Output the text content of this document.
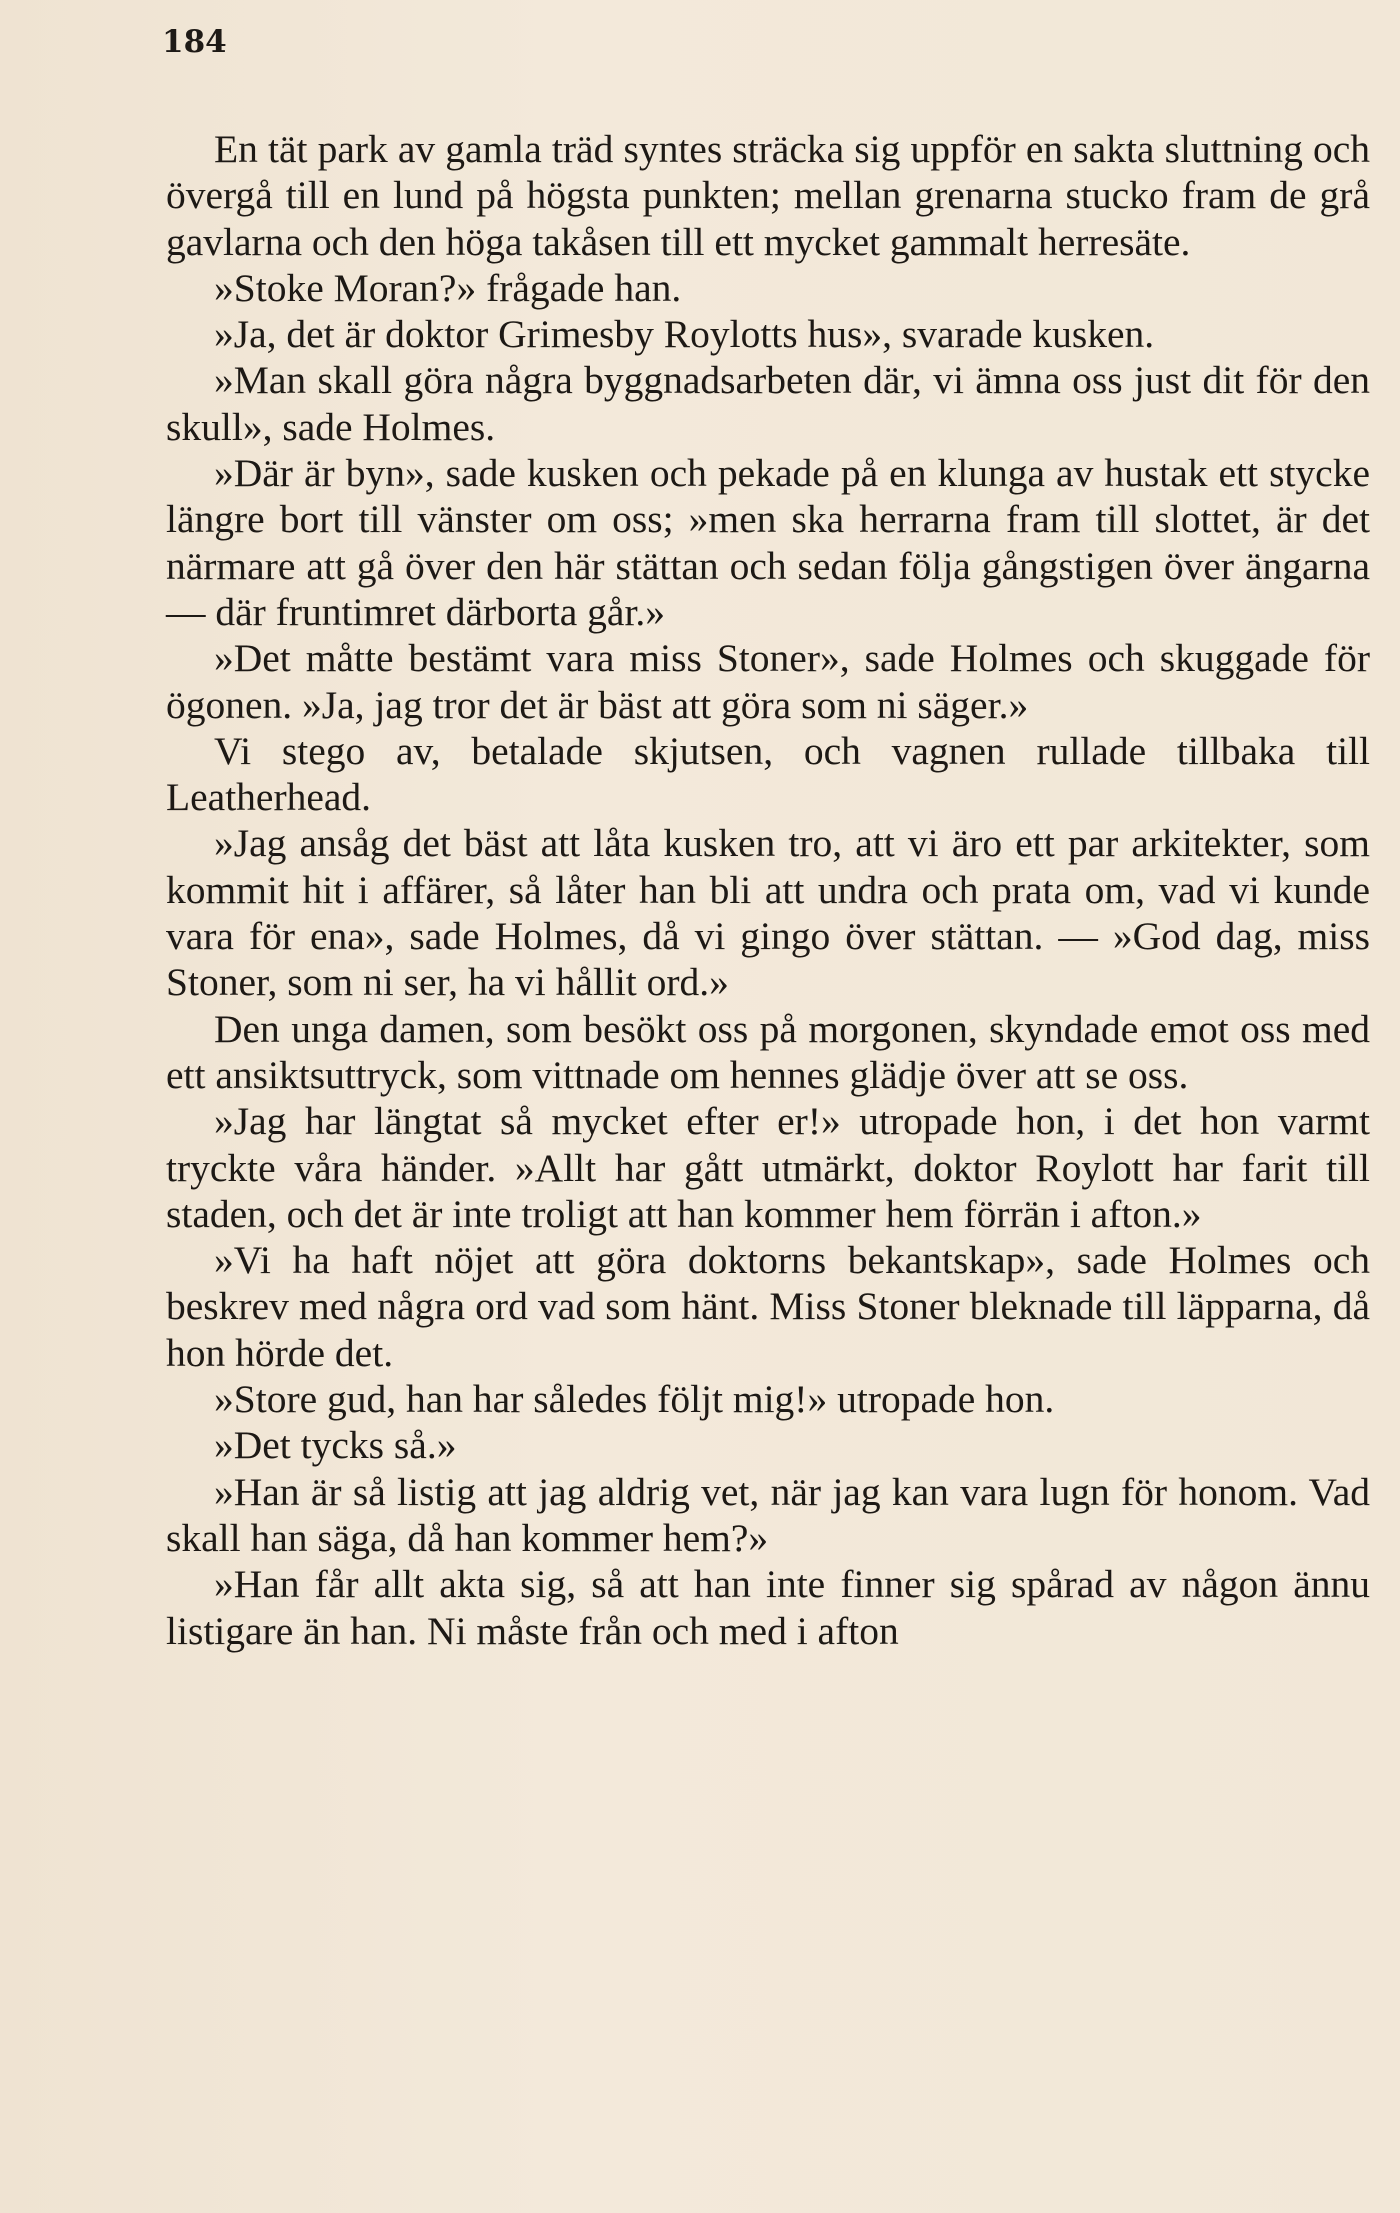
184

En tät park av gamla träd syntes sträcka sig uppför en sakta sluttning och övergå till en lund på högsta punkten; mellan grenarna stucko fram de grå gavlarna och den höga takåsen till ett mycket gammalt herresäte.

»Stoke Moran?» frågade han.

»Ja, det är doktor Grimesby Roylotts hus», svarade kusken.

»Man skall göra några byggnadsarbeten där, vi ämna oss just dit för den skull», sade Holmes.

»Där är byn», sade kusken och pekade på en klunga av hustak ett stycke längre bort till vänster om oss; »men ska herrarna fram till slottet, är det närmare att gå över den här stättan och sedan följa gångstigen över ängarna — där fruntimret därborta går.»

»Det måtte bestämt vara miss Stoner», sade Holmes och skuggade för ögonen. »Ja, jag tror det är bäst att göra som ni säger.»

Vi stego av, betalade skjutsen, och vagnen rullade tillbaka till Leatherhead.

»Jag ansåg det bäst att låta kusken tro, att vi äro ett par arkitekter, som kommit hit i affärer, så låter han bli att undra och prata om, vad vi kunde vara för ena», sade Holmes, då vi gingo över stättan. — »God dag, miss Stoner, som ni ser, ha vi hållit ord.»

Den unga damen, som besökt oss på morgonen, skyndade emot oss med ett ansiktsuttryck, som vittnade om hennes glädje över att se oss.

»Jag har längtat så mycket efter er!» utropade hon, i det hon varmt tryckte våra händer. »Allt har gått utmärkt, doktor Roylott har farit till staden, och det är inte troligt att han kommer hem förrän i afton.»

»Vi ha haft nöjet att göra doktorns bekantskap», sade Holmes och beskrev med några ord vad som hänt. Miss Stoner bleknade till läpparna, då hon hörde det.

»Store gud, han har således följt mig!» utropade hon.

»Det tycks så.»

»Han är så listig att jag aldrig vet, när jag kan vara lugn för honom. Vad skall han säga, då han kommer hem?»

»Han får allt akta sig, så att han inte finner sig spårad av någon ännu listigare än han. Ni måste från och med i afton
